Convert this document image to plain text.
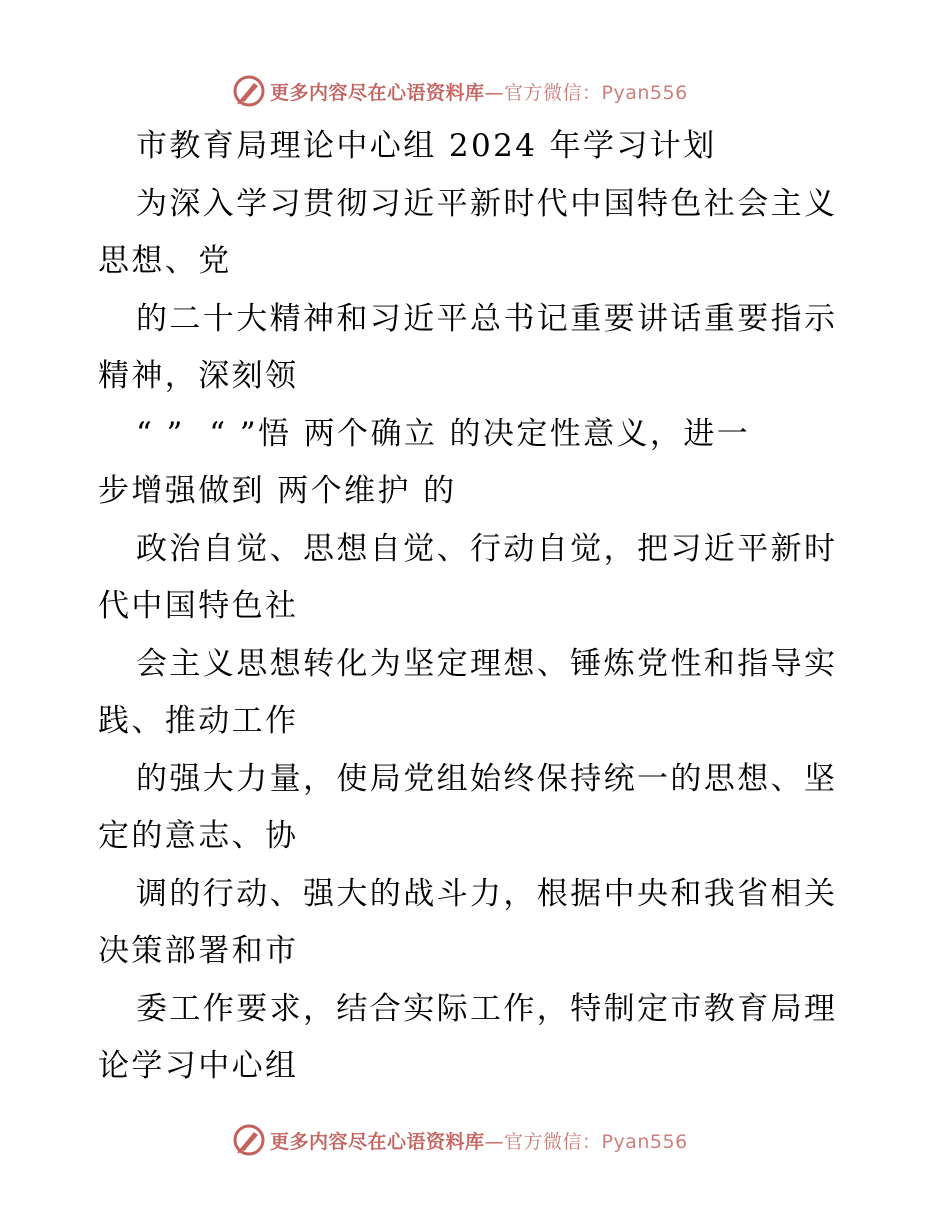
更多内容尽在心语资料库—官方微信：Pyan556
市教育局理论中心组 2024 年学习计划
为深入学习贯彻习近平新时代中国特色社会主义
思想、党
的二十大精神和习近平总书记重要讲话重要指示
精神，深刻领
“ ”  “ ”悟 两个确立 的决定性意义，进一
步增强做到 两个维护 的
政治自觉、思想自觉、行动自觉，把习近平新时
代中国特色社
会主义思想转化为坚定理想、锤炼党性和指导实
践、推动工作
的强大力量，使局党组始终保持统一的思想、坚
定的意志、协
调的行动、强大的战斗力，根据中央和我省相关
决策部署和市
委工作要求，结合实际工作，特制定市教育局理
论学习中心组
更多内容尽在心语资料库—官方微信：Pyan556
